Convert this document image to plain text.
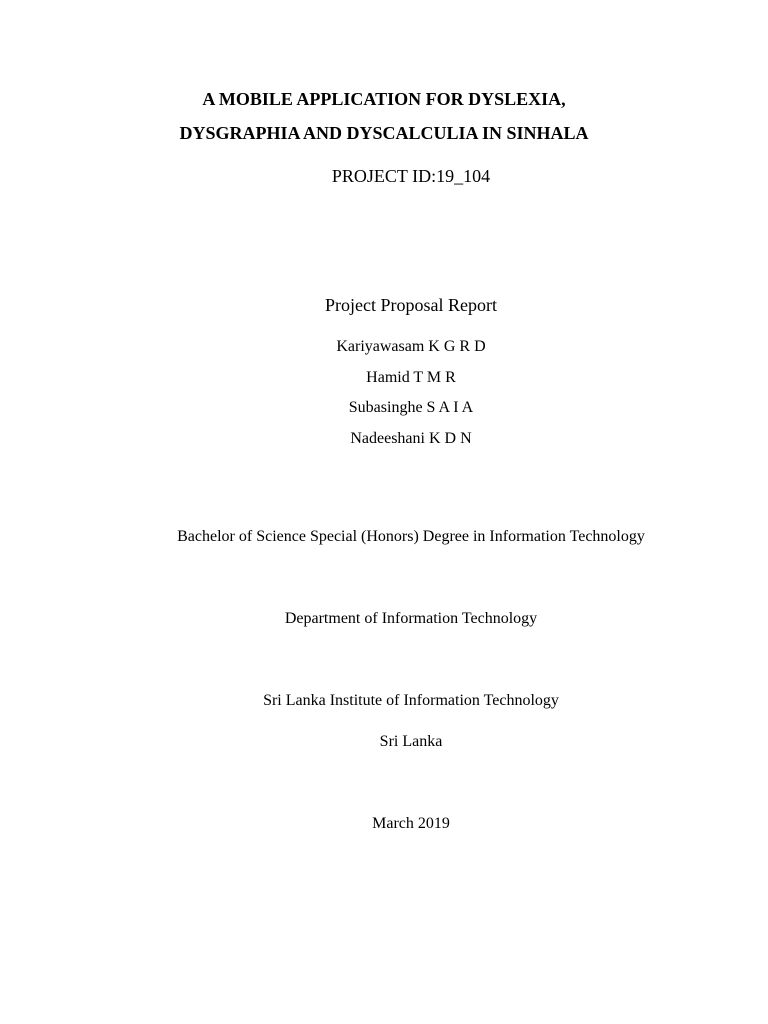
A MOBILE APPLICATION FOR DYSLEXIA,
DYSGRAPHIA AND DYSCALCULIA IN SINHALA
PROJECT ID:19_104
Project Proposal Report
Kariyawasam K G R D
Hamid T M R
Subasinghe S A I A
Nadeeshani K D N
Bachelor of Science Special (Honors) Degree in Information Technology
Department of Information Technology
Sri Lanka Institute of Information Technology
Sri Lanka
March 2019
